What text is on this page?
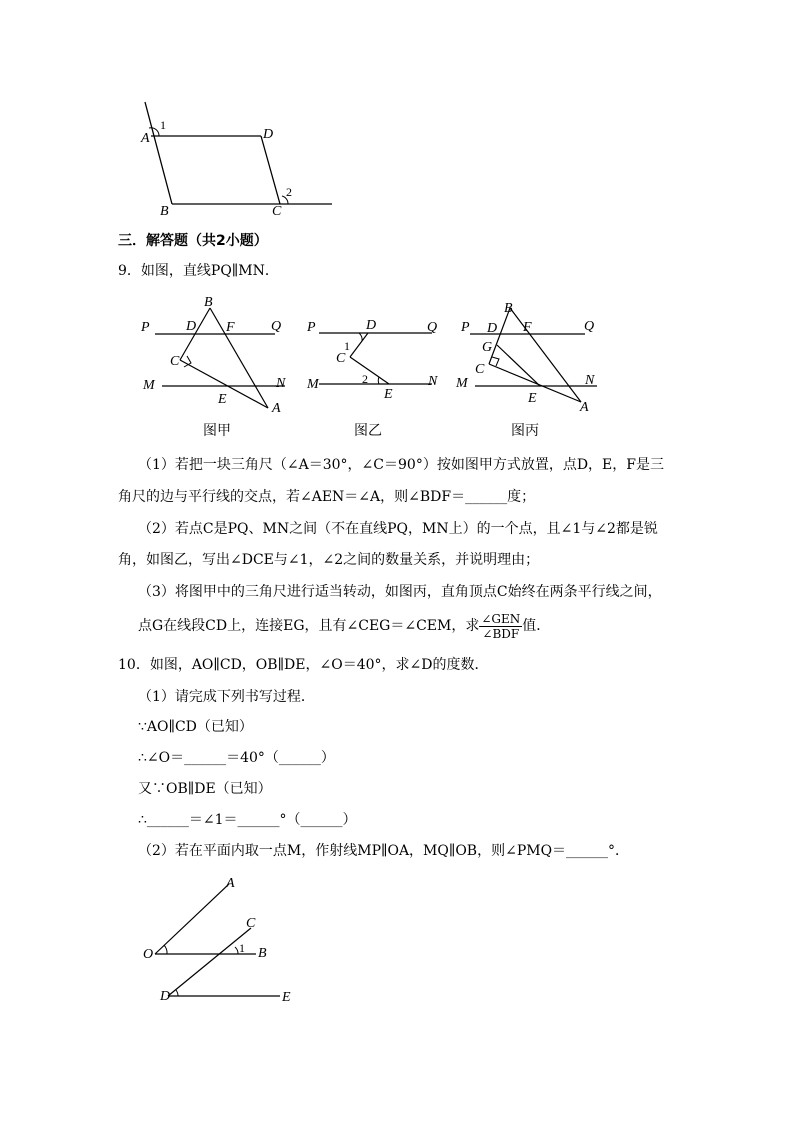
A
1
D
B	C
2
三．解答题（共2小题）
9．如图，直线PQ∥MN．
B
P	D F	Q
C
M	N
E
A
图甲
P	D	Q
1
C
2
M	N
E
图乙
B
P D F	Q
G
C
M	N
E
A
图丙
（1）若把一块三角尺（∠A＝30°，∠C＝90°）按如图甲方式放置，点D，E，F是三
角尺的边与平行线的交点，若∠AEN＝∠A，则∠BDF＝______度；
（2）若点C是PQ、MN之间（不在直线PQ，MN上）的一个点，且∠1与∠2都是锐
角，如图乙，写出∠DCE与∠1，∠2之间的数量关系，并说明理由；
（3）将图甲中的三角尺进行适当转动，如图丙，直角顶点C始终在两条平行线之间，
点G在线段CD上，连接EG，且有∠CEG＝∠CEM，求 $\frac{\text{∠GEN}}{\text{∠BDF}}$ 值．
10．如图，AO∥CD，OB∥DE，∠O＝40°，求∠D的度数．
（1）请完成下列书写过程．
∵AO∥CD（已知）
∴∠O＝______＝40°（______）
又∵OB∥DE（已知）
∴______＝∠1＝______°（______）
（2）若在平面内取一点M，作射线MP∥OA，MQ∥OB，则∠PMQ＝______°．
A
C
1
O	B
D	E
